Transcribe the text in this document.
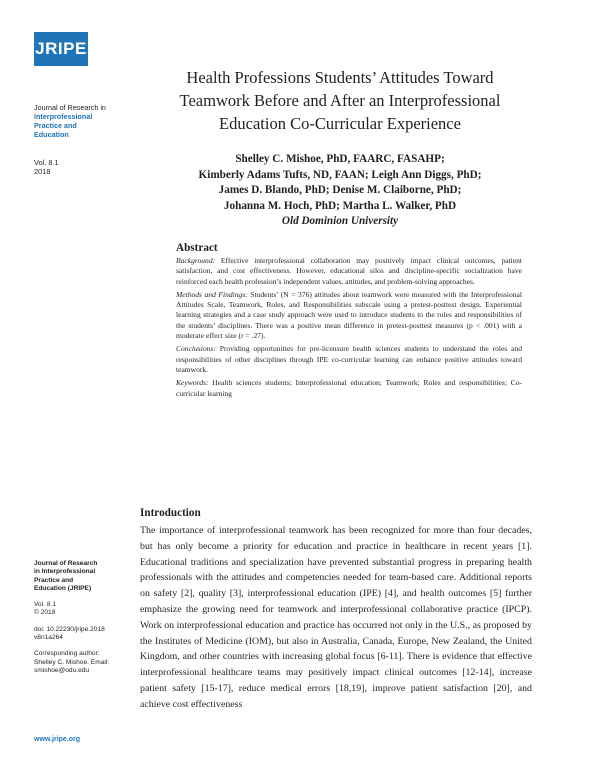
JRIPE
Journal of Research in
Interprofessional
Practice and
Education
Vol. 8.1
2018
Health Professions Students’ Attitudes Toward
Teamwork Before and After an Interprofessional
Education Co-Curricular Experience
Shelley C. Mishoe, PhD, FAARC, FASAHP;
Kimberly Adams Tufts, ND, FAAN; Leigh Ann Diggs, PhD;
James D. Blando, PhD; Denise M. Claiborne, PhD;
Johanna M. Hoch, PhD; Martha L. Walker, PhD
Old Dominion University
Abstract

Background: Effective interprofessional collaboration may positively impact clinical outcomes, patient satisfaction, and cost effectiveness. However, educational silos and discipline-specific socialization have reinforced each health profession’s independent values, attitudes, and problem-solving approaches.

Methods and Findings: Students’ (N = 376) attitudes about teamwork were measured with the Interprofessional Attitudes Scale, Teamwork, Roles, and Responsibilities subscale using a pretest-posttest design. Experiential learning strategies and a case study approach were used to introduce students to the roles and responsibilities of the students’ disciplines. There was a positive mean difference in pretest-posttest measures (p < .001) with a moderate effect size (r = .27).

Conclusions: Providing opportunities for pre-licensure health sciences students to understand the roles and responsibilities of other disciplines through IPE co-curricular learning can enhance positive attitudes toward teamwork.

Keywords: Health sciences students; Interprofessional education; Teamwork; Roles and responsibilities; Co-curricular learning

Introduction
The importance of interprofessional teamwork has been recognized for more than four decades, but has only become a priority for education and practice in healthcare in recent years [1]. Educational traditions and specialization have prevented substantial progress in preparing health professionals with the attitudes and competencies needed for team-based care. Additional reports on safety [2], quality [3], interprofessional education (IPE) [4], and health outcomes [5] further emphasize the growing need for teamwork and interprofessional collaborative practice (IPCP). Work on interprofessional education and practice has occurred not only in the U.S., as proposed by the Institutes of Medicine (IOM), but also in Australia, Canada, Europe, New Zealand, the United Kingdom, and other countries with increasing global focus [6-11]. There is evidence that effective interprofessional healthcare teams may positively impact clinical outcomes [12-14], increase patient safety [15-17], reduce medical errors [18,19], improve patient satisfaction [20], and achieve cost effectiveness
Journal of Research
in Interprofessional
Practice and
Education (JRIPE)
Vol. 8.1
© 2018
doi: 10.22230/jripe.2018
v8n1a264
Corresponding author:
Shelley C. Mishoe. Email:
smishoe@odu.edu
www.jripe.org
